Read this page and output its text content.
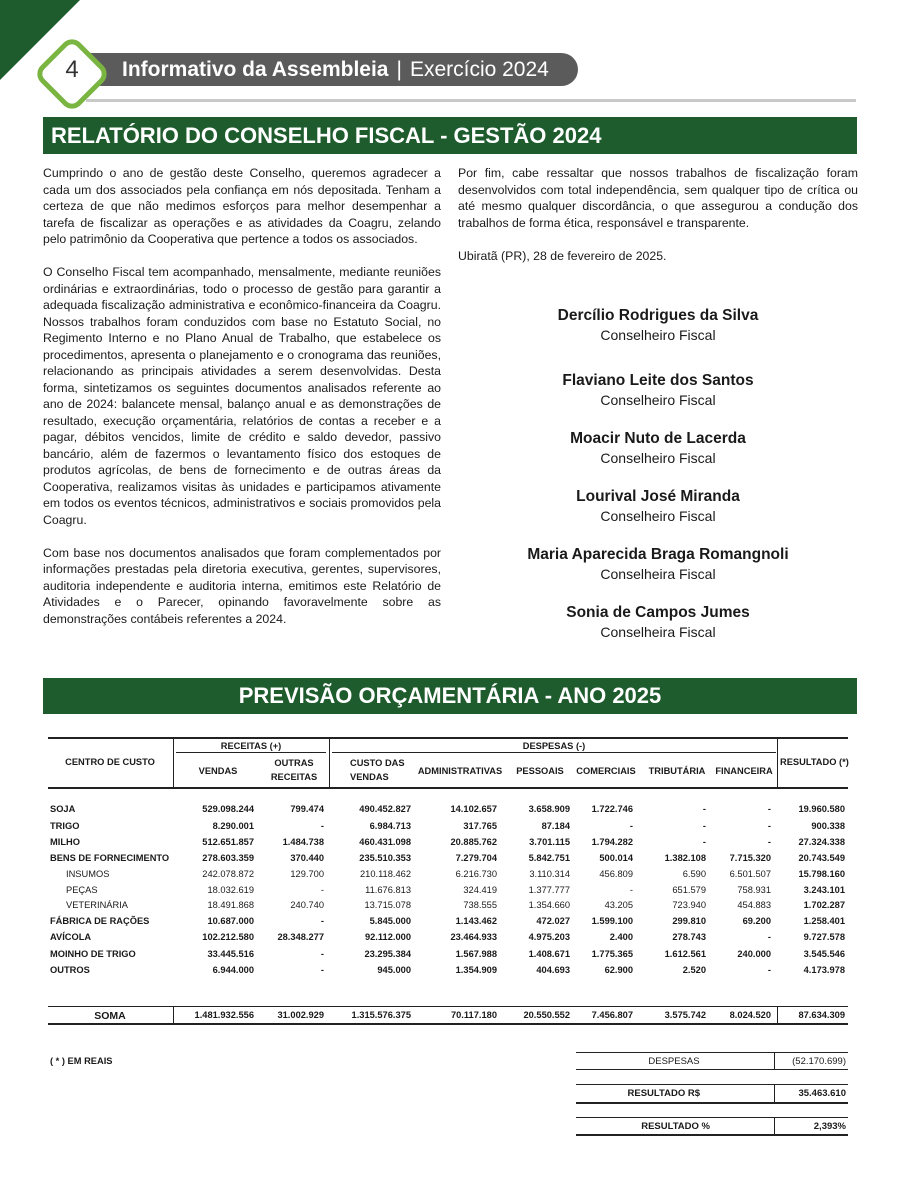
4	Informativo da Assembleia | Exercício 2024
RELATÓRIO DO CONSELHO FISCAL - GESTÃO 2024

Cumprindo o ano de gestão deste Conselho, queremos agradecer a cada um dos associados pela confiança em nós depositada. Tenham a certeza de que não medimos esforços para melhor desempenhar a tarefa de fiscalizar as operações e as atividades da Coagru, zelando pelo patrimônio da Cooperativa que pertence a todos os associados.

O Conselho Fiscal tem acompanhado, mensalmente, mediante reuniões ordinárias e extraordinárias, todo o processo de gestão para garantir a adequada fiscalização administrativa e econômico-financeira da Coagru. Nossos trabalhos foram conduzidos com base no Estatuto Social, no Regimento Interno e no Plano Anual de Trabalho, que estabelece os procedimentos, apresenta o planejamento e o cronograma das reuniões, relacionando as principais atividades a serem desenvolvidas. Desta forma, sintetizamos os seguintes documentos analisados referente ao ano de 2024: balancete mensal, balanço anual e as demonstrações de resultado, execução orçamentária, relatórios de contas a receber e a pagar, débitos vencidos, limite de crédito e saldo devedor, passivo bancário, além de fazermos o levantamento físico dos estoques de produtos agrícolas, de bens de fornecimento e de outras áreas da Cooperativa, realizamos visitas às unidades e participamos ativamente em todos os eventos técnicos, administrativos e sociais promovidos pela Coagru.

Com base nos documentos analisados que foram complementados por informações prestadas pela diretoria executiva, gerentes, supervisores, auditoria independente e auditoria interna, emitimos este Relatório de Atividades e o Parecer, opinando favoravelmente sobre as demonstrações contábeis referentes a 2024.

Por fim, cabe ressaltar que nossos trabalhos de fiscalização foram desenvolvidos com total independência, sem qualquer tipo de crítica ou até mesmo qualquer discordância, o que assegurou a condução dos trabalhos de forma ética, responsável e transparente.

Ubiratã (PR), 28 de fevereiro de 2025.

Dercílio Rodrigues da Silva
Conselheiro Fiscal
Flaviano Leite dos Santos
Conselheiro Fiscal
Moacir Nuto de Lacerda
Conselheiro Fiscal
Lourival José Miranda
Conselheiro Fiscal
Maria Aparecida Braga Romangnoli
Conselheira Fiscal
Sonia de Campos Jumes
Conselheira Fiscal
PREVISÃO ORÇAMENTÁRIA - ANO 2025
RECEITAS (+)	DESPESAS (-)
CENTRO DE CUSTO
VENDAS
OUTRAS
RECEITAS
CUSTO DAS
VENDAS
ADMINISTRATIVAS	PESSOAIS	COMERCIAIS	TRIBUTÁRIA	FINANCEIRA
RESULTADO (*)
SOJA	529.098.244	799.474	490.452.827	14.102.657	3.658.909	1.722.746	-	-	19.960.580
TRIGO	8.290.001	-	6.984.713	317.765	87.184	-	-	-	900.338
MILHO	512.651.857	1.484.738	460.431.098	20.885.762	3.701.115	1.794.282	-	-	27.324.338
BENS DE FORNECIMENTO	278.603.359	370.440	235.510.353	7.279.704	5.842.751	500.014	1.382.108	7.715.320	20.743.549
INSUMOS	242.078.872	129.700	210.118.462	6.216.730	3.110.314	456.809	6.590	6.501.507	15.798.160
PEÇAS	18.032.619	-	11.676.813	324.419	1.377.777	-	651.579	758.931	3.243.101
VETERINÁRIA	18.491.868	240.740	13.715.078	738.555	1.354.660	43.205	723.940	454.883	1.702.287
FÁBRICA DE RAÇÕES	10.687.000	-	5.845.000	1.143.462	472.027	1.599.100	299.810	69.200	1.258.401
AVÍCOLA	102.212.580	28.348.277	92.112.000	23.464.933	4.975.203	2.400	278.743	-	9.727.578
MOINHO DE TRIGO	33.445.516	-	23.295.384	1.567.988	1.408.671	1.775.365	1.612.561	240.000	3.545.546
OUTROS	6.944.000	-	945.000	1.354.909	404.693	62.900	2.520	-	4.173.978
SOMA	1.481.932.556	31.002.929	1.315.576.375	70.117.180	20.550.552	7.456.807	3.575.742	8.024.520	87.634.309
( * ) EM REAIS	DESPESAS	(52.170.699)
RESULTADO R$	35.463.610
RESULTADO %	2,393%
